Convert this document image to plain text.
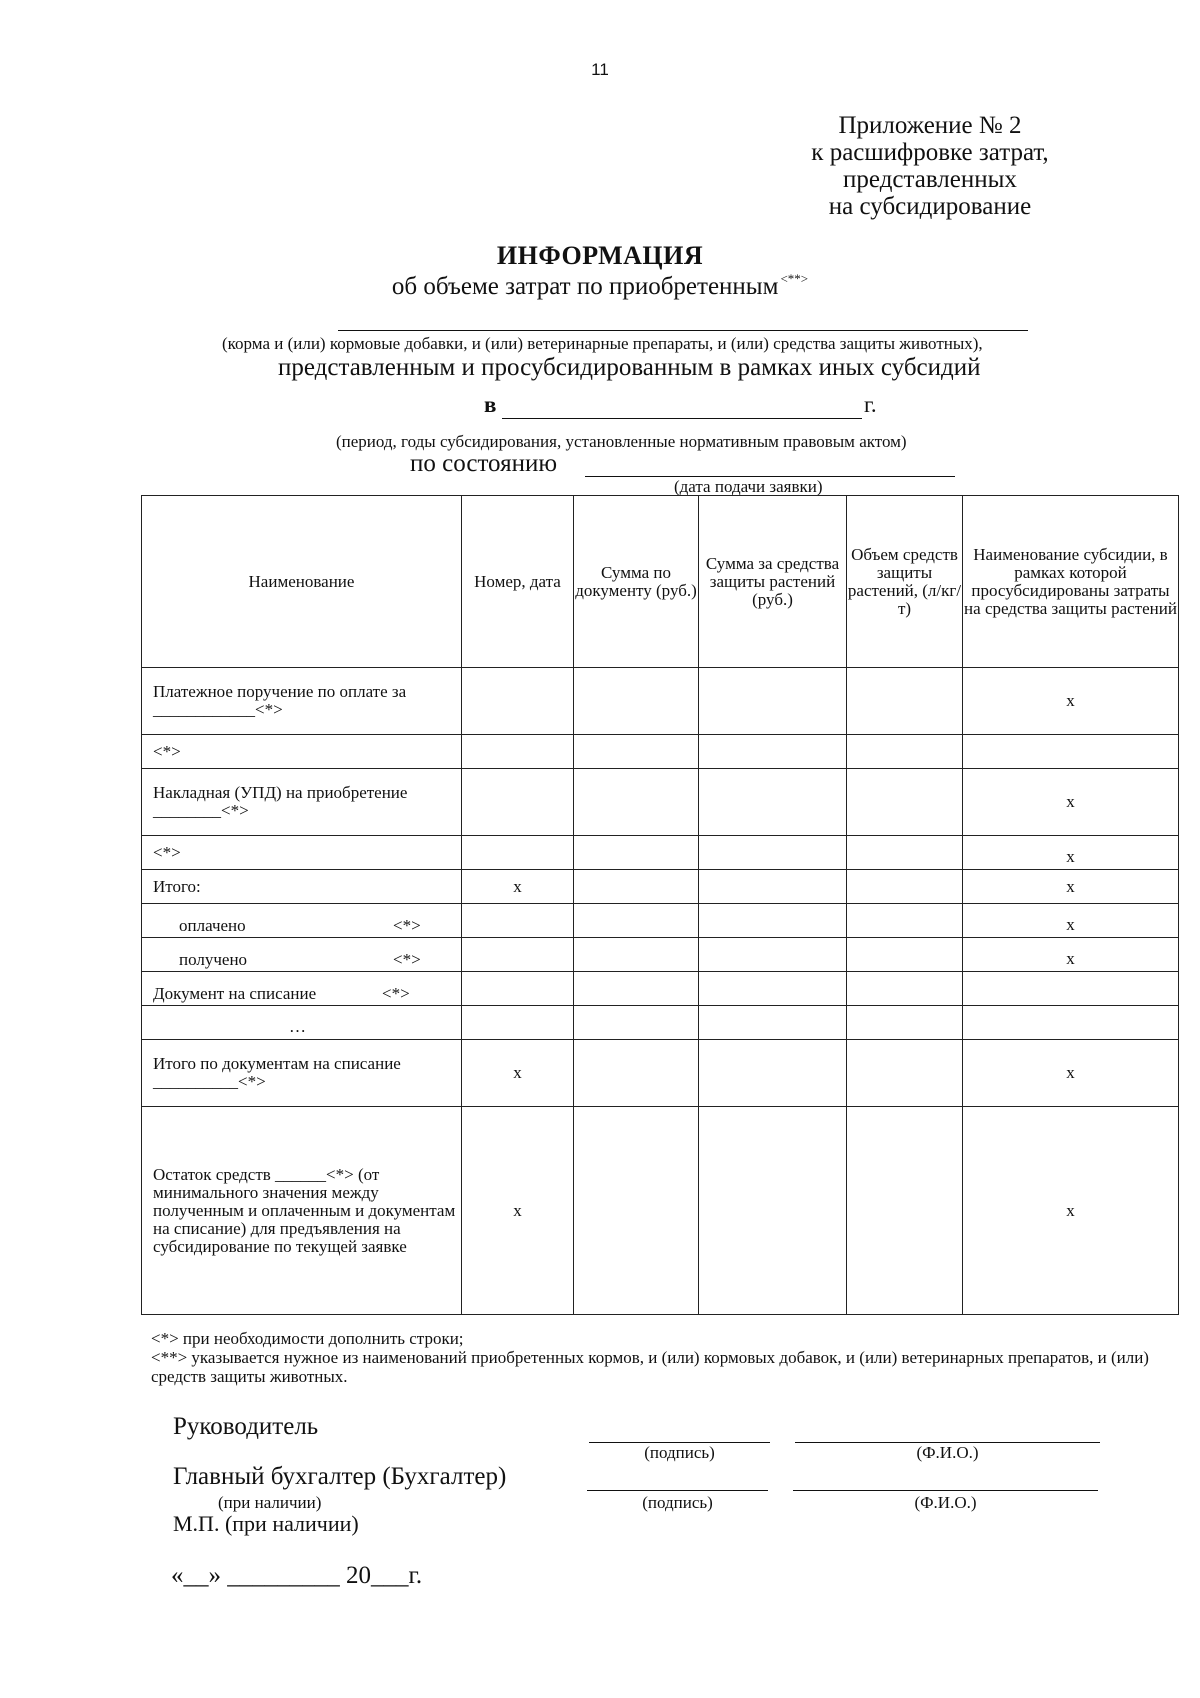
11
Приложение № 2
к расшифровке затрат,
представленных
на субсидирование
ИНФОРМАЦИЯ
об объеме затрат по приобретенным <**>
(корма и (или) кормовые добавки, и (или) ветеринарные препараты, и (или) средства защиты животных),
представленным и просубсидированным в рамках иных субсидий
в	г.
(период, годы субсидирования, установленные нормативным правовым актом)
по состоянию
(дата подачи заявки)
Наименование	Номер, дата	Сумма по документу (руб.)	Сумма за средства защиты растений (руб.)	Объем средств защиты растений, (л/кг/т)	Наименование субсидии, в рамках которой просубсидированы затраты на средства защиты растений
Платежное поручение по оплате за ____________<*>					х
<*>					
Накладная (УПД) на приобретение ________<*>					х
<*>					х
Итого:	х				х
оплачено <*>					х
получено <*>					х
Документ на списание <*>					
…					
Итого по документам на списание __________<*>	х				х
Остаток средств ______<*> (от минимального значения между полученным и оплаченным и документам на списание) для предъявления на субсидирование по текущей заявке	х				х
<*> при необходимости дополнить строки;
<**> указывается нужное из наименований приобретенных кормов, и (или) кормовых добавок, и (или) ветеринарных препаратов, и (или) средств защиты животных.
Руководитель
(подпись)	(Ф.И.О.)
Главный бухгалтер (Бухгалтер)
(при наличии)	(подпись)	(Ф.И.О.)
М.П. (при наличии)
«__» _________ 20___г.
